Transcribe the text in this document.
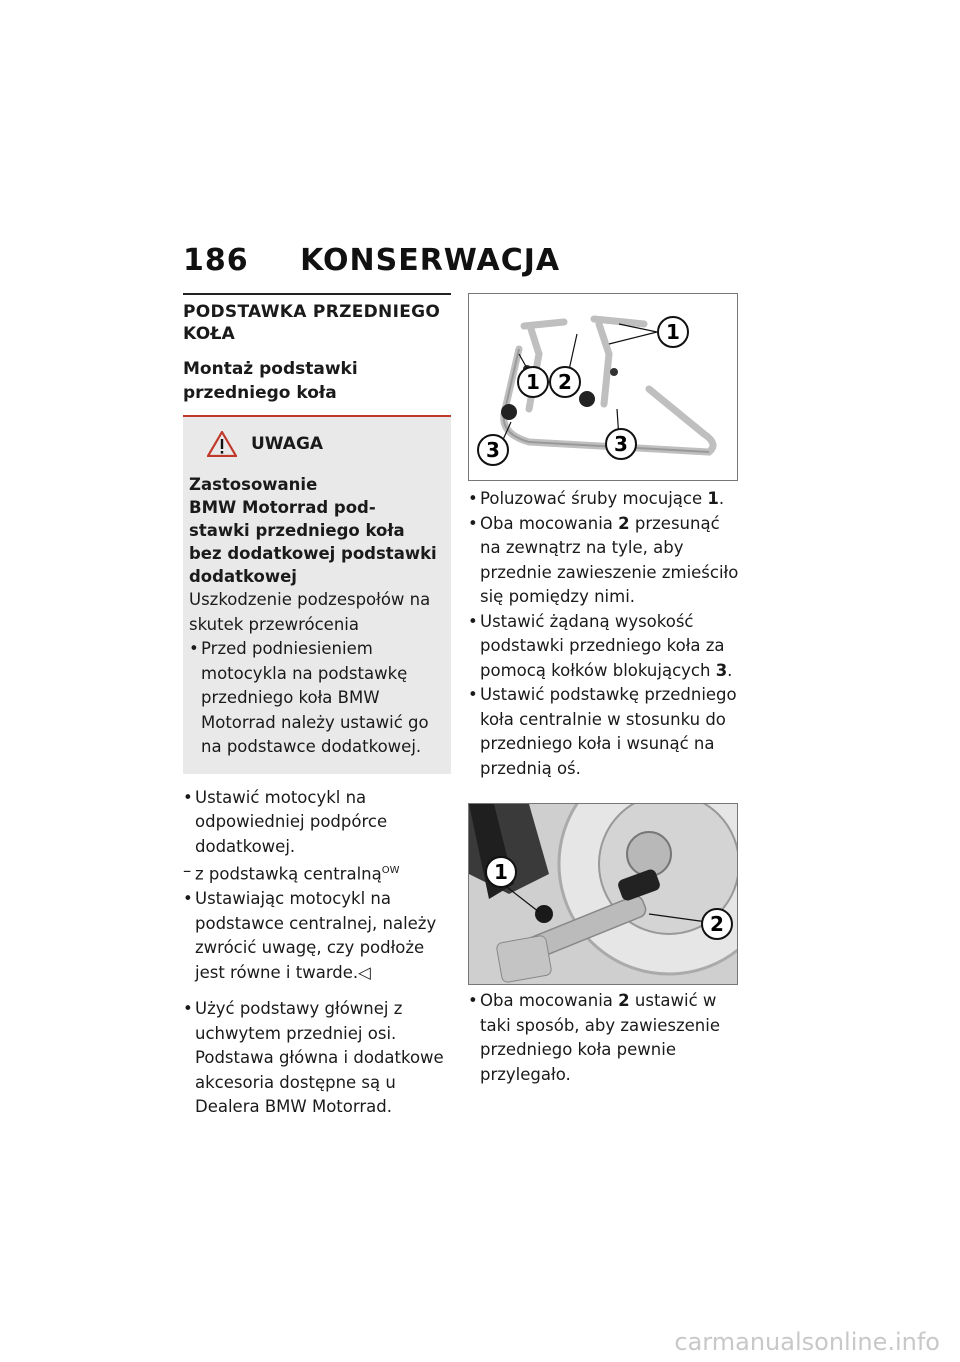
186 KONSERWACJA
PODSTAWKA PRZEDNIEGO KOŁA
Montaż podstawki przedniego koła
UWAGA
Zastosowanie
BMW Motorrad pod-
stawki przedniego koła
bez dodatkowej podstawki
dodatkowej

Uszkodzenie podzespołów na skutek przewrócenia

• Przed podniesieniem motocykla na podstawkę przedniego koła BMW Motorrad należy ustawić go na podstawce dodatkowej.

• Ustawić motocykl na odpowiedniej podpórce dodatkowej.

– z podstawką centralną$^{OW}$

• Ustawiając motocykl na podstawce centralnej, należy zwrócić uwagę, czy podłoże jest równe i twarde.◁

• Użyć podstawy głównej z uchwytem przedniej osi. Podstawa główna i dodatkowe akcesoria dostępne są u Dealera BMW Motorrad.

1
1 2
3	3

• Poluzować śruby mocujące 1.

• Oba mocowania 2 przesunąć na zewnątrz na tyle, aby przednie zawieszenie zmieściło się pomiędzy nimi.

• Ustawić żądaną wysokość podstawki przedniego koła za pomocą kołków blokujących 3.

• Ustawić podstawkę przedniego koła centralnie w stosunku do przedniego koła i wsunąć na przednią oś.

1
2

• Oba mocowania 2 ustawić w taki sposób, aby zawieszenie przedniego koła pewnie przylegało.

carmanualsonline.info
